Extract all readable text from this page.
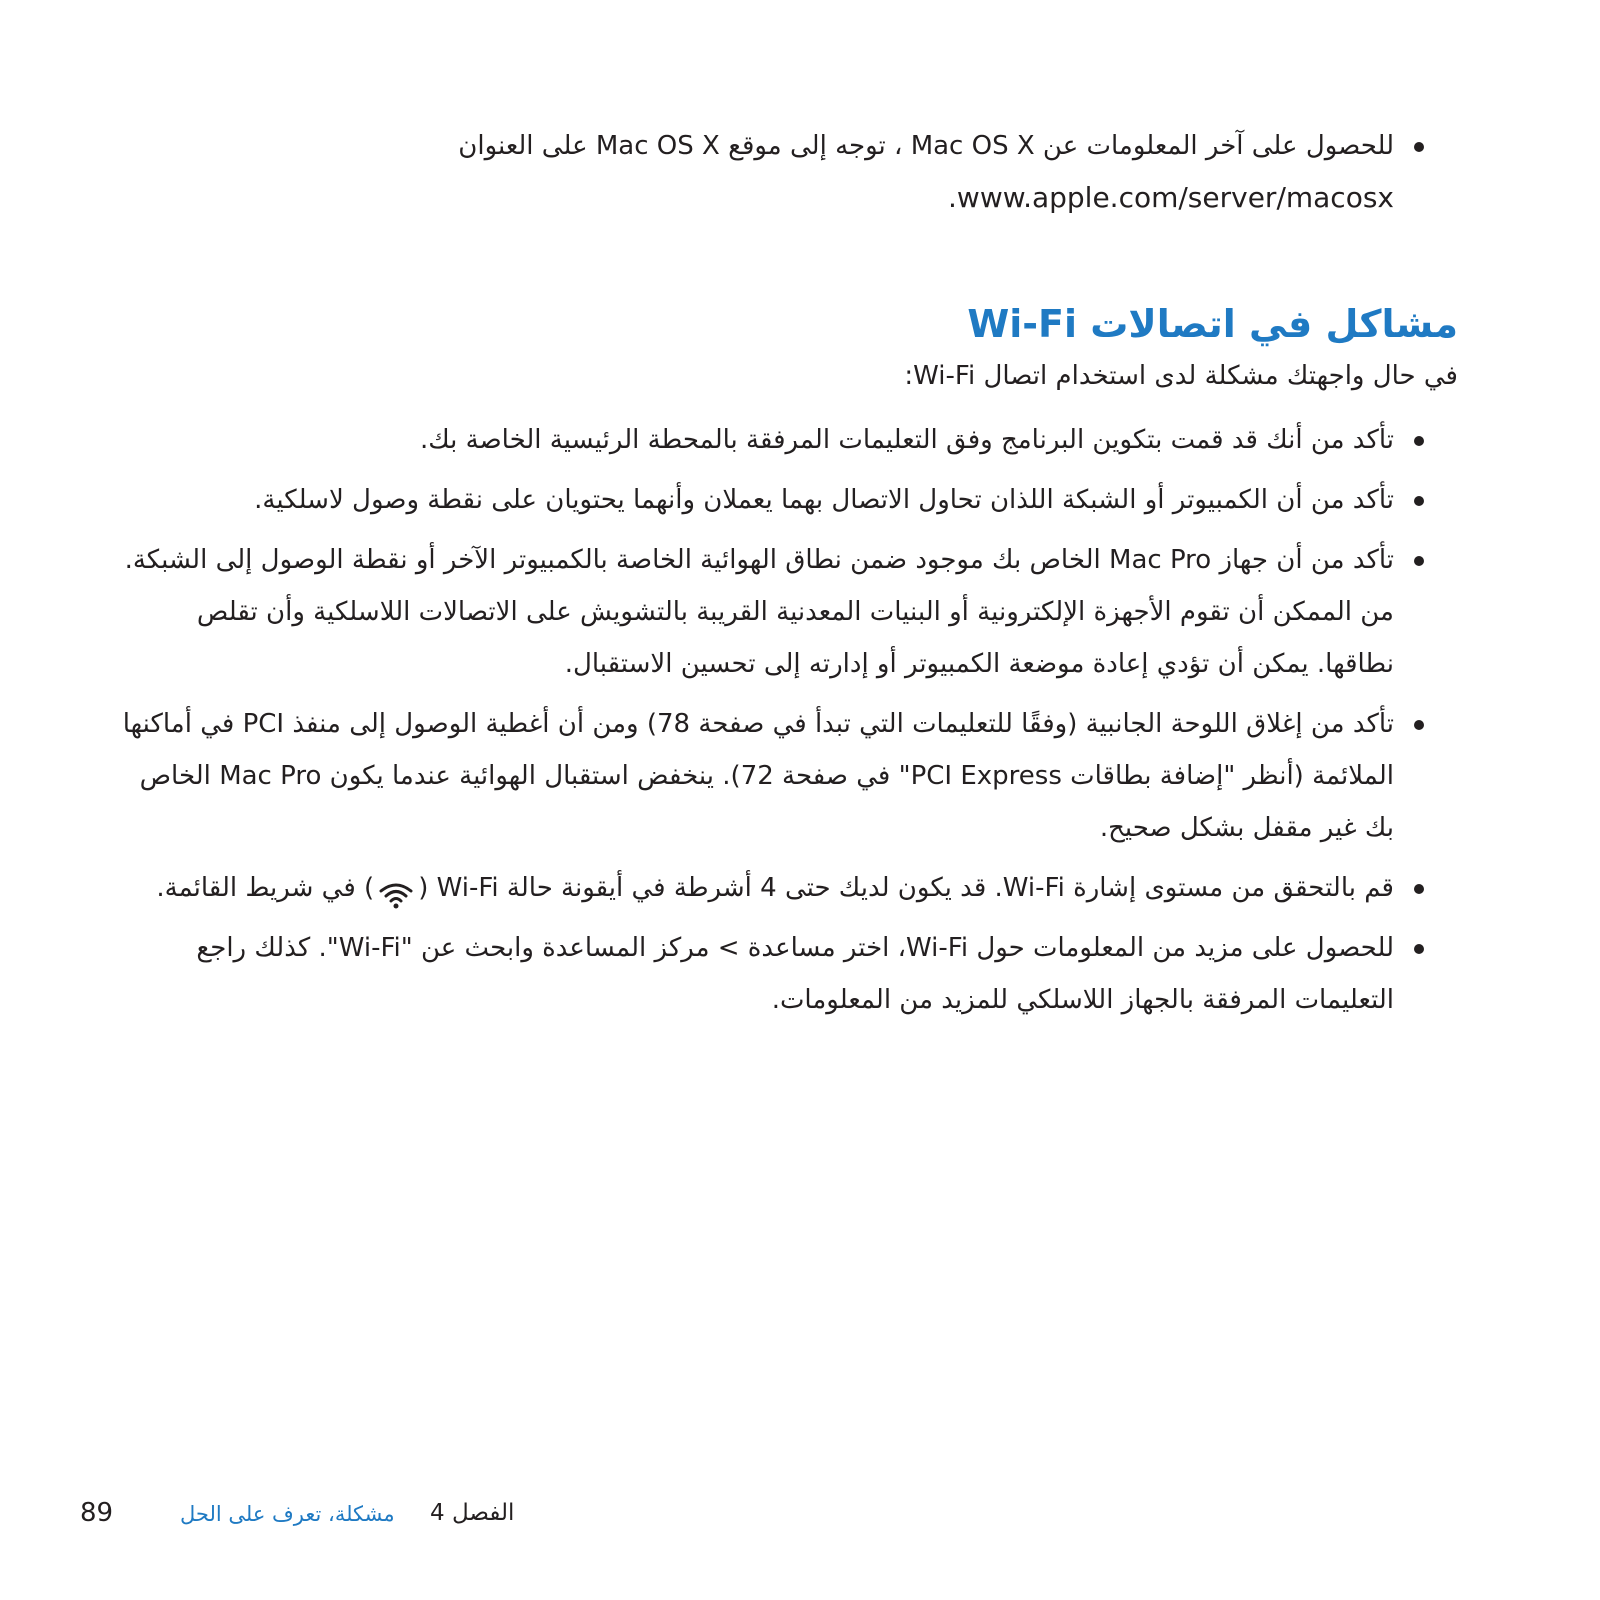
للحصول على آخر المعلومات عن Mac OS X ، توجه إلى موقع Mac OS X على العنوان
.www.apple.com/server/macosx
مشاكل في اتصالات Wi-Fi

في حال واجهتك مشكلة لدى استخدام اتصال Wi-Fi:

تأكد من أنك قد قمت بتكوين البرنامج وفق التعليمات المرفقة بالمحطة الرئيسية الخاصة بك.
تأكد من أن الكمبيوتر أو الشبكة اللذان تحاول الاتصال بهما يعملان وأنهما يحتويان على نقطة وصول لاسلكية.
تأكد من أن جهاز Mac Pro الخاص بك موجود ضمن نطاق الهوائية الخاصة بالكمبيوتر الآخر أو نقطة الوصول إلى الشبكة. من الممكن أن تقوم الأجهزة الإلكترونية أو البنيات المعدنية القريبة بالتشويش على الاتصالات اللاسلكية وأن تقلص نطاقها. يمكن أن تؤدي إعادة موضعة الكمبيوتر أو إدارته إلى تحسين الاستقبال.
تأكد من إغلاق اللوحة الجانبية (وفقًا للتعليمات التي تبدأ في صفحة 78) ومن أن أغطية الوصول إلى منفذ PCI في أماكنها الملائمة (أنظر "إضافة بطاقات PCI Express" في صفحة 72). ينخفض استقبال الهوائية عندما يكون Mac Pro الخاص بك غير مقفل بشكل صحيح.
قم بالتحقق من مستوى إشارة Wi-Fi. قد يكون لديك حتى 4 أشرطة في أيقونة حالة Wi-Fi () في شريط القائمة.
للحصول على مزيد من المعلومات حول Wi-Fi، اختر مساعدة > مركز المساعدة وابحث عن "Wi-Fi". كذلك راجع التعليمات المرفقة بالجهاز اللاسلكي للمزيد من المعلومات.
89	مشكلة، تعرف على الحل الفصل 4
